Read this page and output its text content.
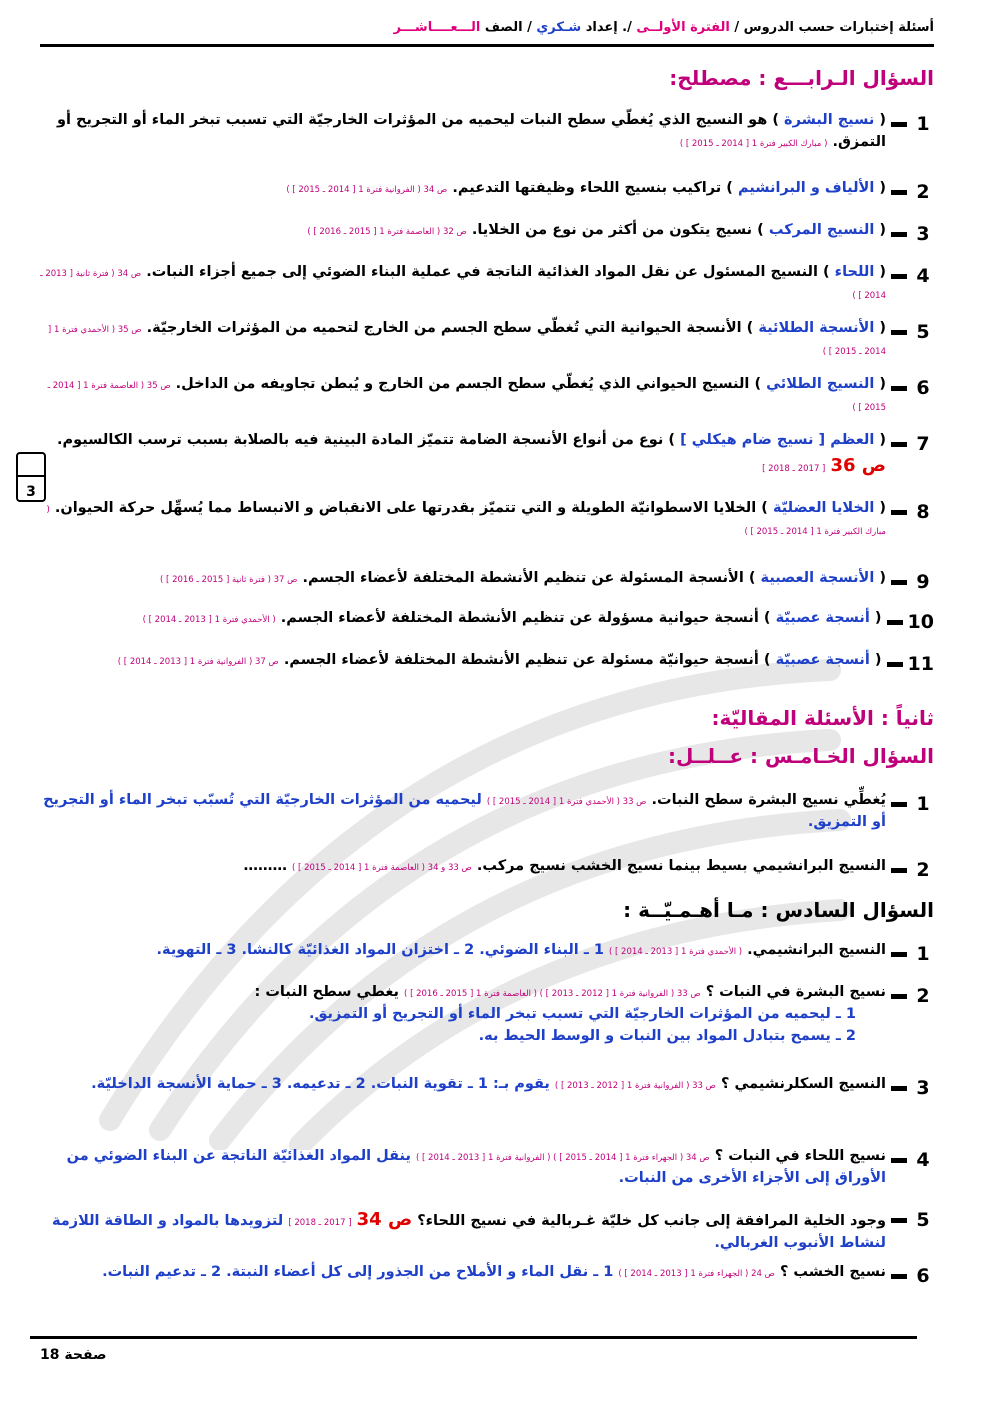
أسئلة إختبارات حسب الدروس / الفترة الأولــى /. إعداد شـكري / الصف الـــعــــاشـــر
السؤال الـرابـــع : مصطلح:
1
( نسيج البشرة ) هو النسيج الذي يُغطّي سطح النبات ليحميه من المؤثرات الخارجيّة التي تسبب تبخر الماء أو التجريح أو التمزق. ( مبارك الكبير فترة 1 [ 2014 ـ 2015 ] )
2
( الألياف و البرانشيم ) تراكيب بنسيج اللحاء وظيفتها التدعيم. ص 34 ( الفروانية فترة 1 [ 2014 ـ 2015 ] )
3
( النسيج المركب ) نسيج يتكون من أكثر من نوع من الخلايا. ص 32 ( العاصمة فترة 1 [ 2015 ـ 2016 ] )
4
( اللحاء ) النسيج المسئول عن نقل المواد الغذائية الناتجة في عملية البناء الضوئي إلى جميع أجزاء النبات. ص 34 ( فترة ثانية [ 2013 ـ 2014 ] )
5
( الأنسجة الطلائية ) الأنسجة الحيوانية التي تُغطّي سطح الجسم من الخارج لتحميه من المؤثرات الخارجيّة. ص 35 ( الأحمدي فترة 1 [ 2014 ـ 2015 ] )
6
( النسيج الطلائي ) النسيج الحيواني الذي يُغطّي سطح الجسم من الخارج و يُبطن تجاويفه من الداخل. ص 35 ( العاصمة فترة 1 [ 2014 ـ 2015 ] )
7
( العظم [ نسيج ضام هيكلي ] ) نوع من أنواع الأنسجة الضامة تتميّز المادة البينية فيه بالصلابة بسبب ترسب الكالسيوم. ص 36 [ 2017 ـ 2018 ]
8
( الخلايا العضليّة ) الخلايا الاسطوانيّة الطويلة و التي تتميّز بقدرتها على الانقباض و الانبساط مما يُسهِّل حركة الحيوان. ( مبارك الكبير فترة 1 [ 2014 ـ 2015 ] )
9
( الأنسجة العصبية ) الأنسجة المسئولة عن تنظيم الأنشطة المختلفة لأعضاء الجسم. ص 37 ( فترة ثانية [ 2015 ـ 2016 ] )
10
( أنسجة عصبيّة ) أنسجة حيوانية مسؤولة عن تنظيم الأنشطة المختلفة لأعضاء الجسم. ( الأحمدي فترة 1 [ 2013 ـ 2014 ] )
11
( أنسجة عصبيّة ) أنسجة حيوانيّة مسئولة عن تنظيم الأنشطة المختلفة لأعضاء الجسم. ص 37 ( الفروانية فترة 1 [ 2013 ـ 2014 ] )
ثانياً : الأسئلة المقاليّة:
السؤال الخـامـس : عــلــل:
1
يُغطِّي نسيج البشرة سطح النبات. ص 33 ( الأحمدي فترة 1 [ 2014 ـ 2015 ] ) ليحميه من المؤثرات الخارجيّة التي تُسبّب تبخر الماء أو التجريح أو التمزيق.
2
النسيج البرانشيمي بسيط بينما نسيج الخشب نسيج مركب. ص 33 و 34 ( العاصمة فترة 1 [ 2014 ـ 2015 ] ) ………
السؤال السادس : مـا أهـمـيّــة :
1
النسيج البرانشيمي. ( الأحمدي فترة 1 [ 2013 ـ 2014 ] ) 1 ـ البناء الضوئي. 2 ـ اختزان المواد الغذائيّة كالنشا. 3 ـ التهوية.
2
نسيج البشرة في النبات ؟ ص 33 ( الفروانية فترة 1 [ 2012 ـ 2013 ] ) ( العاصمة فترة 1 [ 2015 ـ 2016 ] ) يغطي سطح النبات :
1 ـ ليحميه من المؤثرات الخارجيّة التي تسبب تبخر الماء أو التجريح أو التمزيق.
2 ـ يسمح بتبادل المواد بين النبات و الوسط الحيط به.
3
النسيج السكلرنشيمي ؟ ص 33 ( الفروانية فترة 1 [ 2012 ـ 2013 ] ) يقوم بـ: 1 ـ تقوية النبات. 2 ـ تدعيمه. 3 ـ حماية الأنسجة الداخليّة.
4
نسيج اللحاء في النبات ؟ ص 34 ( الجهراء فترة 1 [ 2014 ـ 2015 ] ) ( الفروانية فترة 1 [ 2013 ـ 2014 ] ) ينقل المواد الغذائيّة الناتجة عن البناء الضوئي من الأوراق إلى الأجزاء الأخرى من النبات.
5
وجود الخلية المرافقة إلى جانب كل خليّة غـربالية في نسيج اللحاء؟ ص 34 [ 2017 ـ 2018 ] لتزويدها بالمواد و الطاقة اللازمة لنشاط الأنبوب الغربالي.
6
نسيج الخشب ؟ ص 24 ( الجهراء فترة 1 [ 2013 ـ 2014 ] ) 1 ـ نقل الماء و الأملاح من الجذور إلى كل أعضاء النبتة. 2 ـ تدعيم النبات.
3
صفحة 18
